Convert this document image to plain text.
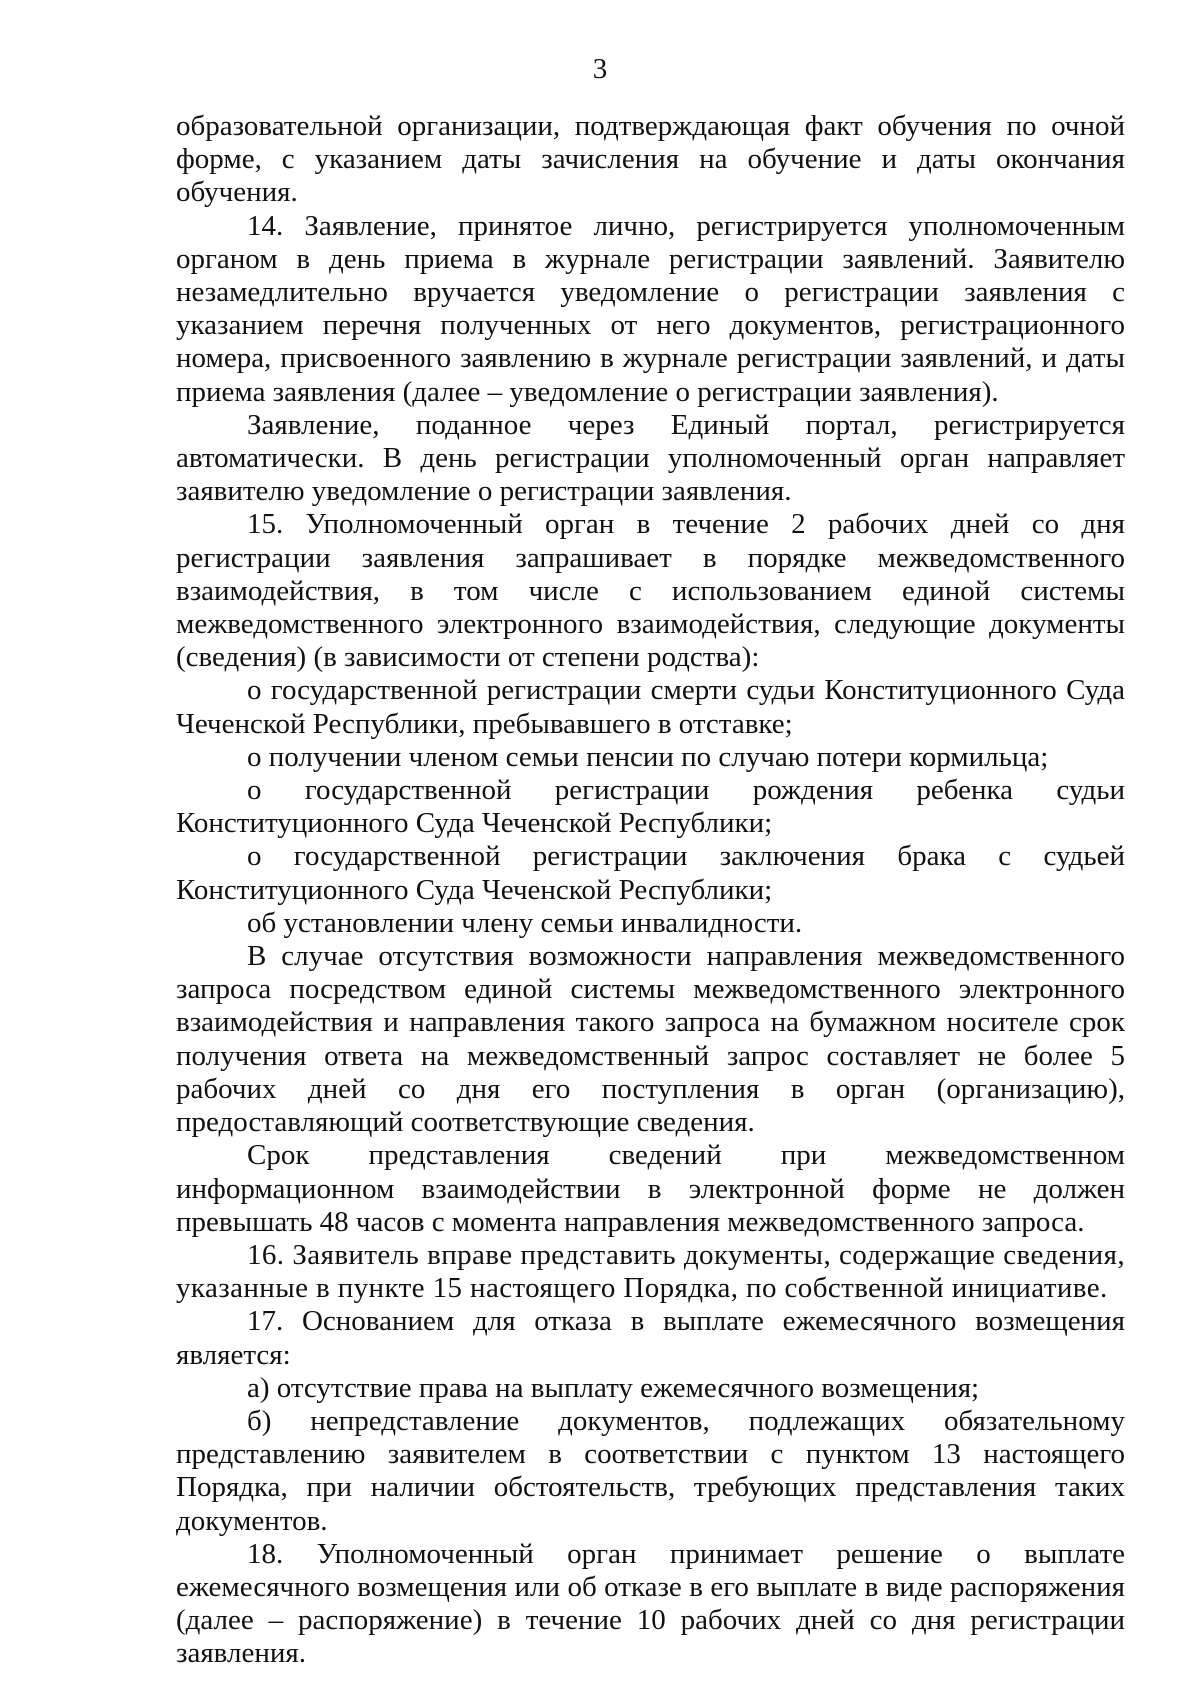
3

образовательной организации, подтверждающая факт обучения по очной форме, с указанием даты зачисления на обучение и даты окончания обучения.

14. Заявление, принятое лично, регистрируется уполномоченным органом в день приема в журнале регистрации заявлений. Заявителю незамедлительно вручается уведомление о регистрации заявления с указанием перечня полученных от него документов, регистрационного номера, присвоенного заявлению в журнале регистрации заявлений, и даты приема заявления (далее – уведомление о регистрации заявления).

Заявление, поданное через Единый портал, регистрируется автоматически. В день регистрации уполномоченный орган направляет заявителю уведомление о регистрации заявления.

15. Уполномоченный орган в течение 2 рабочих дней со дня регистрации заявления запрашивает в порядке межведомственного взаимодействия, в том числе с использованием единой системы межведомственного электронного взаимодействия, следующие документы (сведения) (в зависимости от степени родства):

о государственной регистрации смерти судьи Конституционного Суда Чеченской Республики, пребывавшего в отставке;

о получении членом семьи пенсии по случаю потери кормильца;

о государственной регистрации рождения ребенка судьи Конституционного Суда Чеченской Республики;

о государственной регистрации заключения брака с судьей Конституционного Суда Чеченской Республики;

об установлении члену семьи инвалидности.

В случае отсутствия возможности направления межведомственного запроса посредством единой системы межведомственного электронного взаимодействия и направления такого запроса на бумажном носителе срок получения ответа на межведомственный запрос составляет не более 5 рабочих дней со дня его поступления в орган (организацию), предоставляющий соответствующие сведения.

Срок представления сведений при межведомственном информационном взаимодействии в электронной форме не должен превышать 48 часов с момента направления межведомственного запроса.

16. Заявитель вправе представить документы, содержащие сведения, указанные в пункте 15 настоящего Порядка, по собственной инициативе.

17. Основанием для отказа в выплате ежемесячного возмещения является:

а) отсутствие права на выплату ежемесячного возмещения;

б) непредставление документов, подлежащих обязательному представлению заявителем в соответствии с пунктом 13 настоящего Порядка, при наличии обстоятельств, требующих представления таких документов.

18. Уполномоченный орган принимает решение о выплате ежемесячного возмещения или об отказе в его выплате в виде распоряжения (далее – распоряжение) в течение 10 рабочих дней со дня регистрации заявления.
